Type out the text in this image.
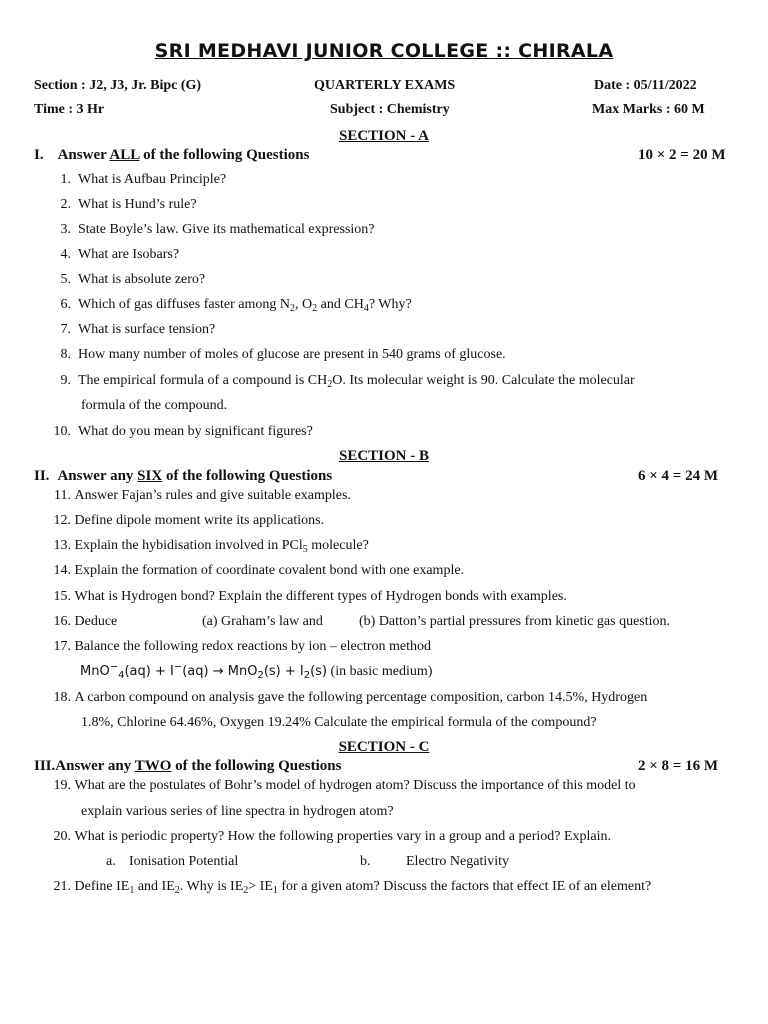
SRI MEDHAVI JUNIOR COLLEGE :: CHIRALA
Section : J2, J3, Jr. Bipc (G)	QUARTERLY EXAMS	Date : 05/11/2022
Time : 3 Hr	Subject : Chemistry	Max Marks : 60 M
SECTION - A
I. Answer ALL of the following Questions	10 × 2 = 20 M
1. What is Aufbau Principle?
2. What is Hund’s rule?
3. State Boyle’s law. Give its mathematical expression?
4. What are Isobars?
5. What is absolute zero?
6. Which of gas diffuses faster among $N_2$, $O_2$ and $CH_4$? Why?
7. What is surface tension?
8. How many number of moles of glucose are present in 540 grams of glucose.
9. The empirical formula of a compound is $CH_2O$. Its molecular weight is 90. Calculate the molecular
formula of the compound.
10. What do you mean by significant figures?
SECTION - B
II. Answer any SIX of the following Questions	6 × 4 = 24 M
11. Answer Fajan’s rules and give suitable examples.
12. Define dipole moment write its applications.
13. Explain the hybidisation involved in PCl$_5$ molecule?
14. Explain the formation of coordinate covalent bond with one example.
15. What is Hydrogen bond? Explain the different types of Hydrogen bonds with examples.
16. Deduce	(a) Graham’s law and	(b) Datton’s partial pressures from kinetic gas question.
17. Balance the following redox reactions by ion – electron method
$MnO^-_4(aq) + I^-(aq) \to MnO_2(s) + I_2(s)$ (in basic medium)
18. A carbon compound on analysis gave the following percentage composition, carbon 14.5%, Hydrogen
1.8%, Chlorine 64.46%, Oxygen 19.24% Calculate the empirical formula of the compound?
SECTION - C
III.Answer any TWO of the following Questions	2 × 8 = 16 M
19. What are the postulates of Bohr’s model of hydrogen atom? Discuss the importance of this model to
explain various series of line spectra in hydrogen atom?
20. What is periodic property? How the following properties vary in a group and a period? Explain.
a. Ionisation Potential	b.	Electro Negativity
21. Define $IE_1$ and $IE_2$. Why is $IE_2> IE_1$ for a given atom? Discuss the factors that effect IE of an element?
